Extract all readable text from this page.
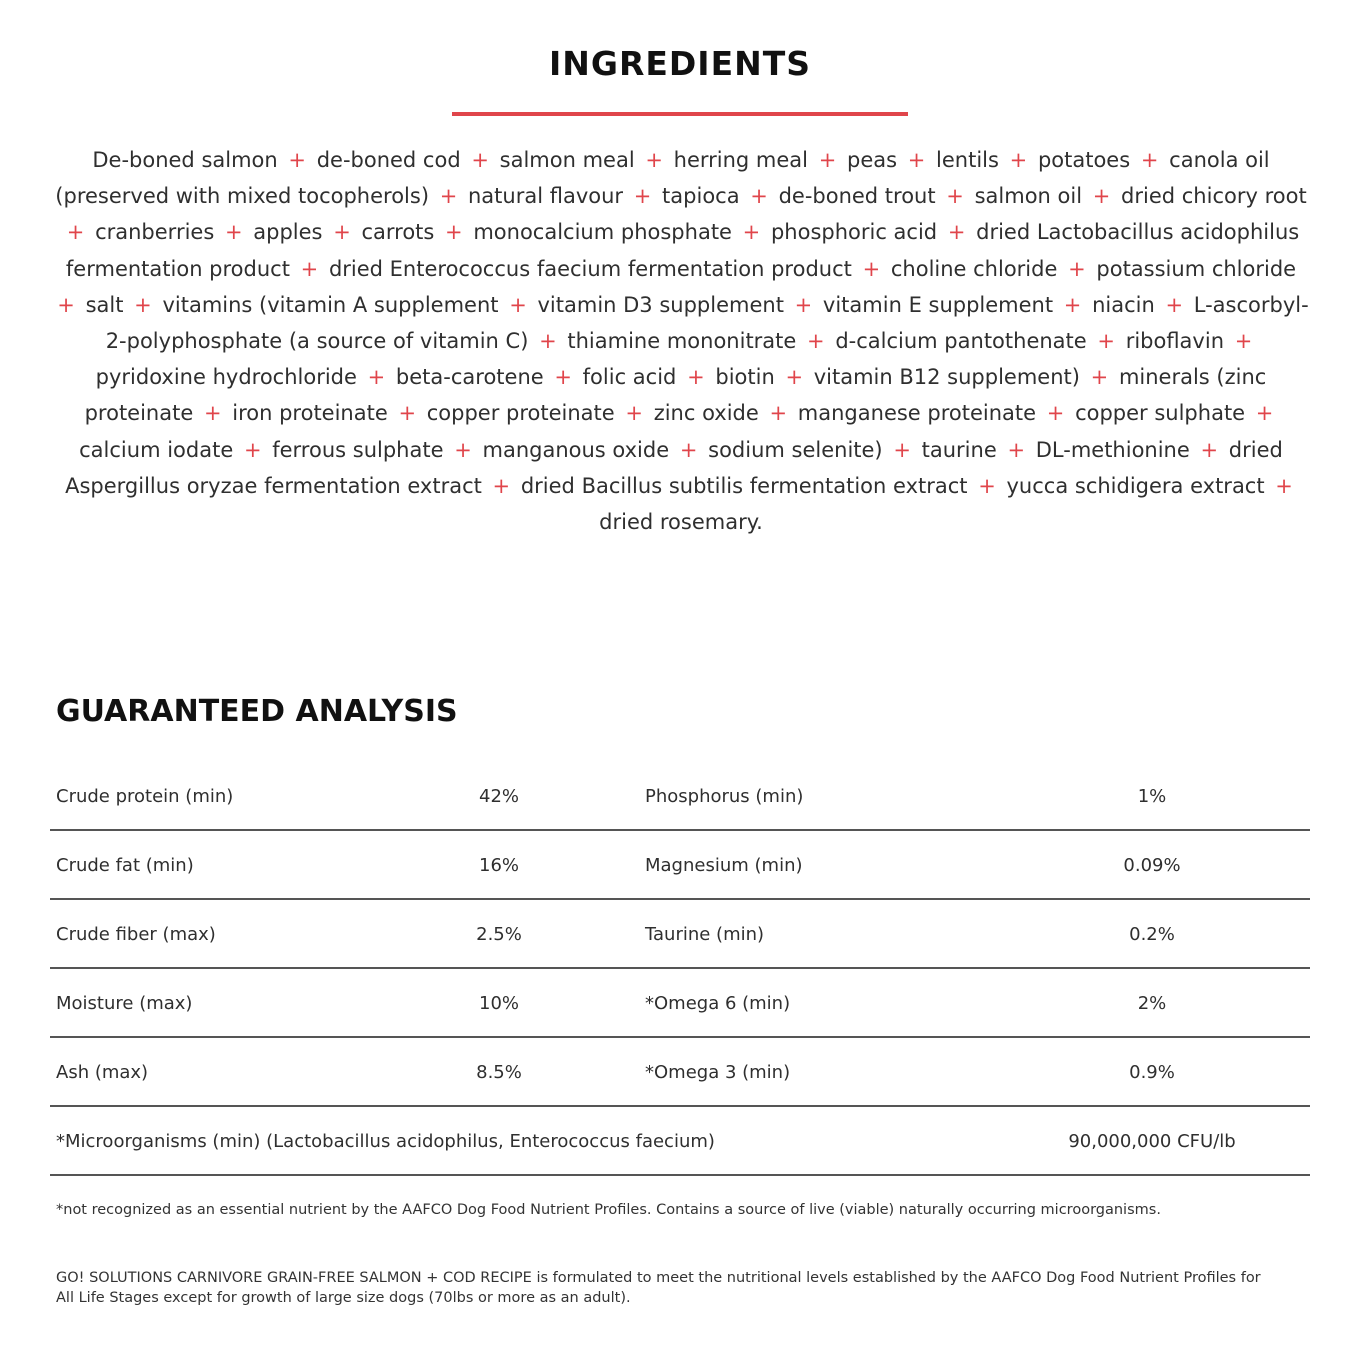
INGREDIENTS

De-boned salmon + de-boned cod + salmon meal + herring meal + peas + lentils + potatoes + canola oil (preserved with mixed tocopherols) + natural flavour + tapioca + de-boned trout + salmon oil + dried chicory root + cranberries + apples + carrots + monocalcium phosphate + phosphoric acid + dried Lactobacillus acidophilus fermentation product + dried Enterococcus faecium fermentation product + choline chloride + potassium chloride + salt + vitamins (vitamin A supplement + vitamin D3 supplement + vitamin E supplement + niacin + L-ascorbyl-2-polyphosphate (a source of vitamin C) + thiamine mononitrate + d-calcium pantothenate + riboflavin + pyridoxine hydrochloride + beta-carotene + folic acid + biotin + vitamin B12 supplement) + minerals (zinc proteinate + iron proteinate + copper proteinate + zinc oxide + manganese proteinate + copper sulphate + calcium iodate + ferrous sulphate + manganous oxide + sodium selenite) + taurine + DL-methionine + dried Aspergillus oryzae fermentation extract + dried Bacillus subtilis fermentation extract + yucca schidigera extract + dried rosemary.

GUARANTEED ANALYSIS
Crude protein (min)	42%	Phosphorus (min)	1%
Crude fat (min)	16%	Magnesium (min)	0.09%
Crude fiber (max)	2.5%	Taurine (min)	0.2%
Moisture (max)	10%	*Omega 6 (min)	2%
Ash (max)	8.5%	*Omega 3 (min)	0.9%
*Microorganisms (min) (Lactobacillus acidophilus, Enterococcus faecium)	90,000,000 CFU/lb

*not recognized as an essential nutrient by the AAFCO Dog Food Nutrient Profiles. Contains a source of live (viable) naturally occurring microorganisms.

GO! SOLUTIONS CARNIVORE GRAIN-FREE SALMON + COD RECIPE is formulated to meet the nutritional levels established by the AAFCO Dog Food Nutrient Profiles for All Life Stages except for growth of large size dogs (70lbs or more as an adult).
